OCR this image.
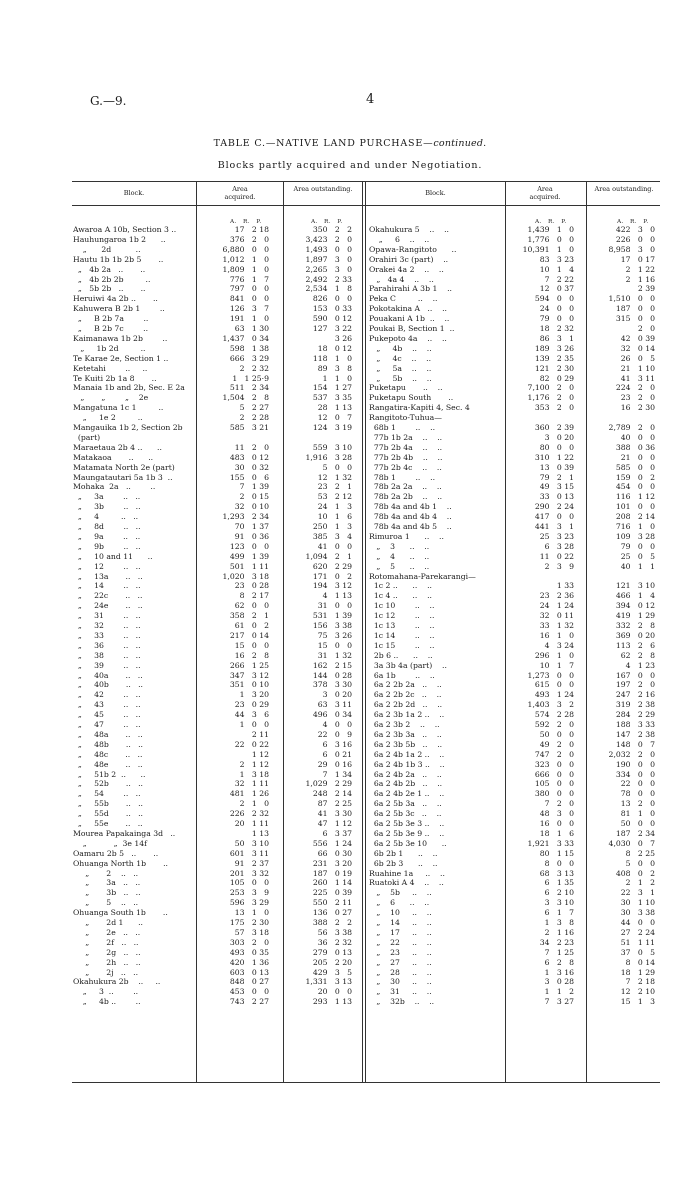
G.—9.	4
TABLE C.—NATIVE LAND PURCHASE—continued.
Blocks partly acquired and under Negotiation.
Block.	Area acquired.
Area outstanding.	Block.	Area acquired.
Area outstanding.
A.   R.   P.	A.   R.   P.	A.   R.   P.	A.   R.   P.
Awaroa A 10b, Section 3 ..	17   2 18	350   2   2
Hauhungaroa 1b 2      ..	376   2   0	3,423   2   0
„      2d          ..	6,880   0   0	1,493   0   0
Hautu 1b 1b 2b 5       ..	1,012   1   0	1,897   3   0
„   4b 2a   ..       ..	1,809   1   0	2,265   3   0
„   4b 2b 2b         ..	776   1   7	2,492   2 33
„   5b 2b   ..       ..	797   0   0	2,534   1   8
Heruiwi 4a 2b ..       ..	841   0   0	826   0   0
Kahuwera B 2b 1        ..	126   3   7	153   0 33
„     B 2b 7a        ..	191   1   0	590   0 12
„     B 2b 7c        ..	63   1 30	127   3 22
Kaimanawa 1b 2b        ..	1,437   0 34	3 26
„     1b 2d         ..	598   1 38	18   0 12
Te Karae 2e, Section 1 ..	666   3 29	118   1   0
Ketetahi        ..     ..	2   2 32	89   3   8
Te Kuiti 2b 1a 8       ..	1   1 25·9	1   1   0
Manaia 1b and 2b, Sec. E 2a	511   2 34	154   1 27
„       „        „    2e	1,504   2   8	537   3 35
Mangatuna 1c 1         ..	5   2 27	28   1 13
„     1e 2         ..	2   2 28	12   0   7
Mangauika 1b 2, Section 2b	585   3 21	124   3 19
(part)
Maraetaua 2b 4 ..      ..	11   2   0	559   3 10
Matakaoa       ..      ..	483   0 12	1,916   3 28
Matamata North 2e (part)	30   0 32	5   0   0
Maungatautari 5a 1b 3  ..	155   0   6	12   1 32
Mohaka  2a   ..        ..	7   1 39	23   2   1
„     3a        ..   ..	2   0 15	53   2 12
„     3b        ..   ..	32   0 10	24   1   3
„     4         ..   ..	1,293   2 34	10   1   6
„     8d        ..   ..	70   1 37	250   1   3
„     9a        ..   ..	91   0 36	385   3   4
„     9b        ..   ..	123   0   0	41   0   0
„     10 and 11      ..	499   1 39	1,094   2   1
„     12        ..   ..	501   1 11	620   2 29
„     13a       ..   ..	1,020   3 18	171   0   2
„     14        ..   ..	23   0 28	194   3 12
„     22c       ..   ..	8   2 17	4   1 13
„     24e       ..   ..	62   0   0	31   0   0
„     31        ..   ..	358   2   1	531   1 39
„     32        ..   ..	61   0   2	156   3 38
„     33        ..   ..	217   0 14	75   3 26
„     36        ..   ..	15   0   0	15   0   0
„     38        ..   ..	16   2   8	31   1 32
„     39        ..   ..	266   1 25	162   2 15
„     40a       ..   ..	347   3 12	144   0 28
„     40b       ..   ..	351   0 10	378   3 30
„     42        ..   ..	1   3 20	3   0 20
„     43        ..   ..	23   0 29	63   3 11
„     45        ..   ..	44   3   6	496   0 34
„     47        ..   ..	1   0   0	4   0   0
„     48a       ..   ..	2 11	22   0   9
„     48b       ..   ..	22   0 22	6   3 16
„     48c       ..   ..	1 12	6   0 21
„     48e       ..   ..	2   1 12	29   0 16
„     51b 2  ..      ..	1   3 18	7   1 34
„     52b       ..   ..	32   1 11	1,029   2 29
„     54        ..   ..	481   1 26	248   2 14
„     55b       ..   ..	2   1   0	87   2 25
„     55d       ..   ..	226   2 32	41   3 30
„     55e       ..   ..	20   1 11	47   1 12
Mourea Papakainga 3d   ..	1 13	6   3 37
„           „  3e 14f	50   3 10	556   1 24
Oamaru 2b 5   ..       ..	601   3 11	66   0 30
Ohuanga North 1b       ..	91   2 37	231   3 20
„       2    ..   ..	201   3 32	187   0 19
„       3a   ..   ..	105   0   0	260   1 14
„       3b   ..   ..	253   3   9	225   0 39
„       5    ..   ..	596   3 29	550   2 11
Ohuanga South 1b       ..	13   1   0	136   0 27
„       2d 1      ..	175   2 30	388   2   2
„       2e   ..   ..	57   3 18	56   3 38
„       2f   ..   ..	303   2   0	36   2 32
„       2g   ..   ..	493   0 35	279   0 13
„       2h   ..   ..	420   1 36	205   2 20
„       2j   ..   ..	603   0 13	429   3   5
Okahukura 2b    ..     ..	848   0 27	1,331   3 13
„     3  ..        ..	453   0   0	20   0   0
„     4b ..        ..	743   2 27	293   1 13
Okahukura 5    ..    ..	1,439   1   0	422   3   0
„     6    ..    ..	1,776   0   0	226   0   0
Opawa-Rangitoto      ..	10,391   1   0	8,958   3   0
Orahiri 3c (part)    ..	83   3 23	17   0 17
Orakei 4a 2    ..    ..	10   1   4	2   1 22
„   4a 4    ..    ..	7   2 22	2   1 16
Parahirahi A 3b 1    ..	12   0 37	2 39
Peka C         ..    ..	594   0   0	1,510   0   0
Pokotakina A   ..    ..	24   0   0	187   0   0
Pouakani A 1b  ..    ..	79   0   0	315   0   0
Poukai B, Section 1  ..	18   2 32	2   0
Pukepoto 4a    ..    ..	86   3   1	42   0 39
„     4b    ..    ..	189   3 26	32   0 14
„     4c    ..    ..	139   2 35	26   0   5
„     5a    ..    ..	121   2 30	21   1 10
„     5b    ..    ..	82   0 29	41   3 11
Puketapu       ..    ..	7,100   2   0	224   2   0
Puketapu South       ..	1,176   2   0	23   2   0
Rangatira-Kapiti 4, Sec. 4	353   2   0	16   2 30
Rangitoto-Tuhua—
68b 1        ..    ..	360   2 39	2,789   2   0
77b 1b 2a    ..    ..	3   0 20	40   0   0
77b 2b 4a    ..    ..	80   0   0	388   0 36
77b 2b 4b    ..    ..	310   1 22	21   0   0
77b 2b 4c    ..    ..	13   0 39	585   0   0
78b 1        ..    ..	79   2   1	159   0   2
78b 2a 2a    ..    ..	49   3 15	454   0   0
78b 2a 2b    ..    ..	33   0 13	116   1 12
78b 4a and 4b 1    ..	290   2 24	101   0   0
78b 4a and 4b 4    ..	417   0   0	208   2 14
78b 4a and 4b 5    ..	441   3   1	716   1   0
Rimuroa 1      ..    ..	25   3 23	109   3 28
„    3      ..    ..	6   3 28	79   0   0
„    4      ..    ..	11   0 22	25   0   5
„    5      ..    ..	2   3   9	40   1   1
Rotomahana-Parekarangi—
1c 2 ..      ..    ..	1 33	121   3 10
1c 4 ..      ..    ..	23   2 36	466   1   4
1c 10        ..    ..	24   1 24	394   0 12
1c 12        ..    ..	32   0 11	419   1 29
1c 13        ..    ..	33   1 32	332   2   8
1c 14        ..    ..	16   1   0	369   0 20
1c 15        ..    ..	4   3 24	113   2   6
2b 6 ..      ..    ..	296   1   0	62   2   8
3a 3b 4a (part)    ..	10   1   7	4   1 23
6a 1b        ..    ..	1,273   0   0	167   0   0
6a 2 2b 2a   ..    ..	615   0   0	197   2   0
6a 2 2b 2c   ..    ..	493   1 24	247   2 16
6a 2 2b 2d   ..    ..	1,403   3   2	319   2 38
6a 2 3b 1a 2 ..    ..	574   2 28	284   2 29
6a 2 3b 2    ..    ..	592   2   0	188   3 33
6a 2 3b 3a   ..    ..	50   0   0	147   2 38
6a 2 3b 5b   ..    ..	49   2   0	148   0   7
6a 2 4b 1a 2 ..    ..	747   2   0	2,032   2   0
6a 2 4b 1b 3 ..    ..	323   0   0	190   0   0
6a 2 4b 2a   ..    ..	666   0   0	334   0   0
6a 2 4b 2b   ..    ..	105   0   0	22   0   0
6a 2 4b 2e 1 ..    ..	380   0   0	78   0   0
6a 2 5b 3a   ..    ..	7   2   0	13   2   0
6a 2 5b 3c   ..    ..	48   3   0	81   1   0
6a 2 5b 3e 3 ..    ..	16   0   0	50   0   0
6a 2 5b 3e 9 ..    ..	18   1   6	187   2 34
6a 2 5b 3e 10      ..	1,921   3 33	4,030   0   7
6b 2b 1      ..    ..	80   1 15	8   2 25
6b 2b 3      ..    ..	8   0   0	5   0   0
Ruahine 1a     ..    ..	68   3 13	408   0   2
Ruatoki A 4    ..    ..	6   1 35	2   1   2
„    5b     ..    ..	6   2 10	22   3   1
„    6      ..    ..	3   3 10	30   1 10
„    10     ..    ..	6   1   7	30   3 38
„    14     ..    ..	1   3   8	44   0   0
„    17     ..    ..	2   1 16	27   2 24
„    22     ..    ..	34   2 23	51   1 11
„    23     ..    ..	7   1 25	37   0   5
„    27     ..    ..	6   2   8	8   0 14
„    28     ..    ..	1   3 16	18   1 29
„    30     ..    ..	3   0 28	7   2 18
„    31     ..    ..	1   1   2	12   2 10
„    32b    ..    ..	7   3 27	15   1   3
